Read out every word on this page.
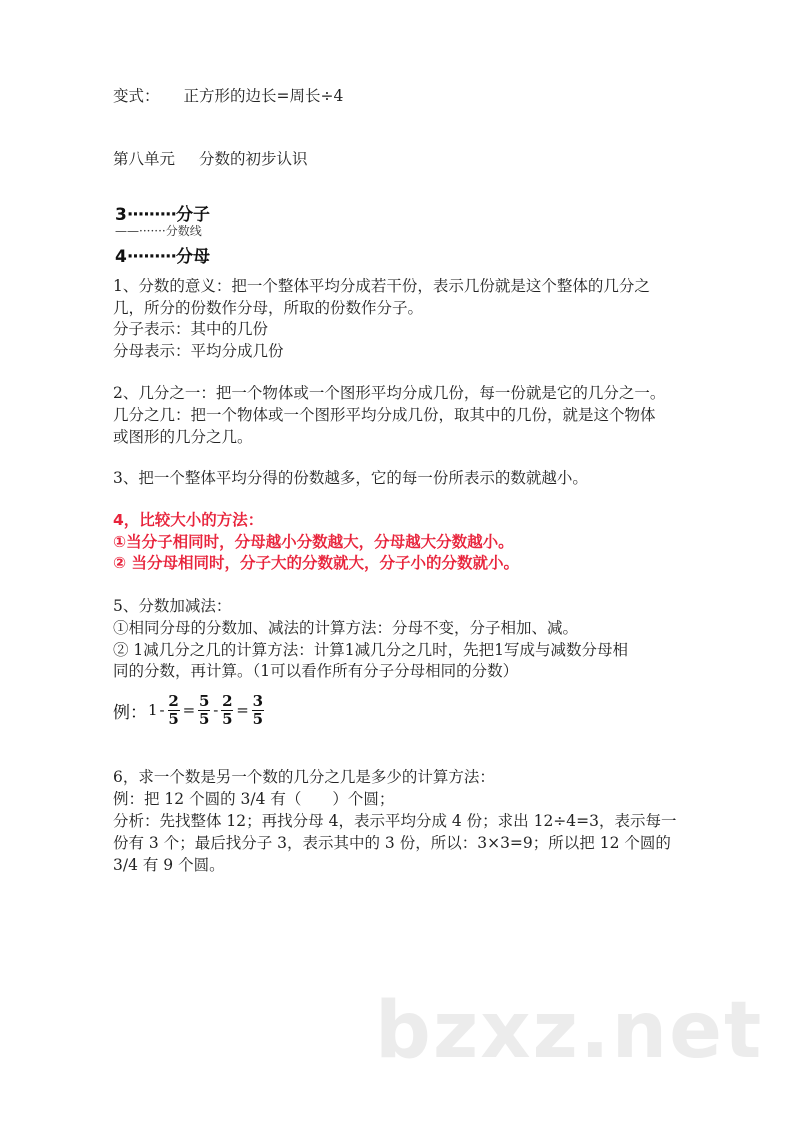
变式： 正方形的边长=周长÷4
第八单元 分数的初步认识
3·········分子
——·······分数线
4·········分母
1、分数的意义：把一个整体平均分成若干份，表示几份就是这个整体的几分之
几，所分的份数作分母，所取的份数作分子。
分子表示：其中的几份
分母表示：平均分成几份
2、几分之一：把一个物体或一个图形平均分成几份，每一份就是它的几分之一。
几分之几：把一个物体或一个图形平均分成几份，取其中的几份，就是这个物体
或图形的几分之几。
3、把一个整体平均分得的份数越多，它的每一份所表示的数就越小。
4，比较大小的方法：
①当分子相同时，分母越小分数越大，分母越大分数越小。
② 当分母相同时，分子大的分数就大，分子小的分数就小。
5、分数加减法：
①相同分母的分数加、减法的计算方法：分母不变，分子相加、减。
② 1减几分之几的计算方法：计算1减几分之几时，先把1写成与减数分母相
同的分数，再计算。（1可以看作所有分子分母相同的分数）
例： $1 - \frac{2}{5} = \frac{5}{5} - \frac{2}{5} = \frac{3}{5}$
6，求一个数是另一个数的几分之几是多少的计算方法：
例：把 12 个圆的 3/4 有（　　）个圆；
分析：先找整体 12；再找分母 4，表示平均分成 4 份；求出 12÷4=3，表示每一
份有 3 个；最后找分子 3，表示其中的 3 份，所以：3×3=9；所以把 12 个圆的
3/4 有 9 个圆。
bzxz.net
